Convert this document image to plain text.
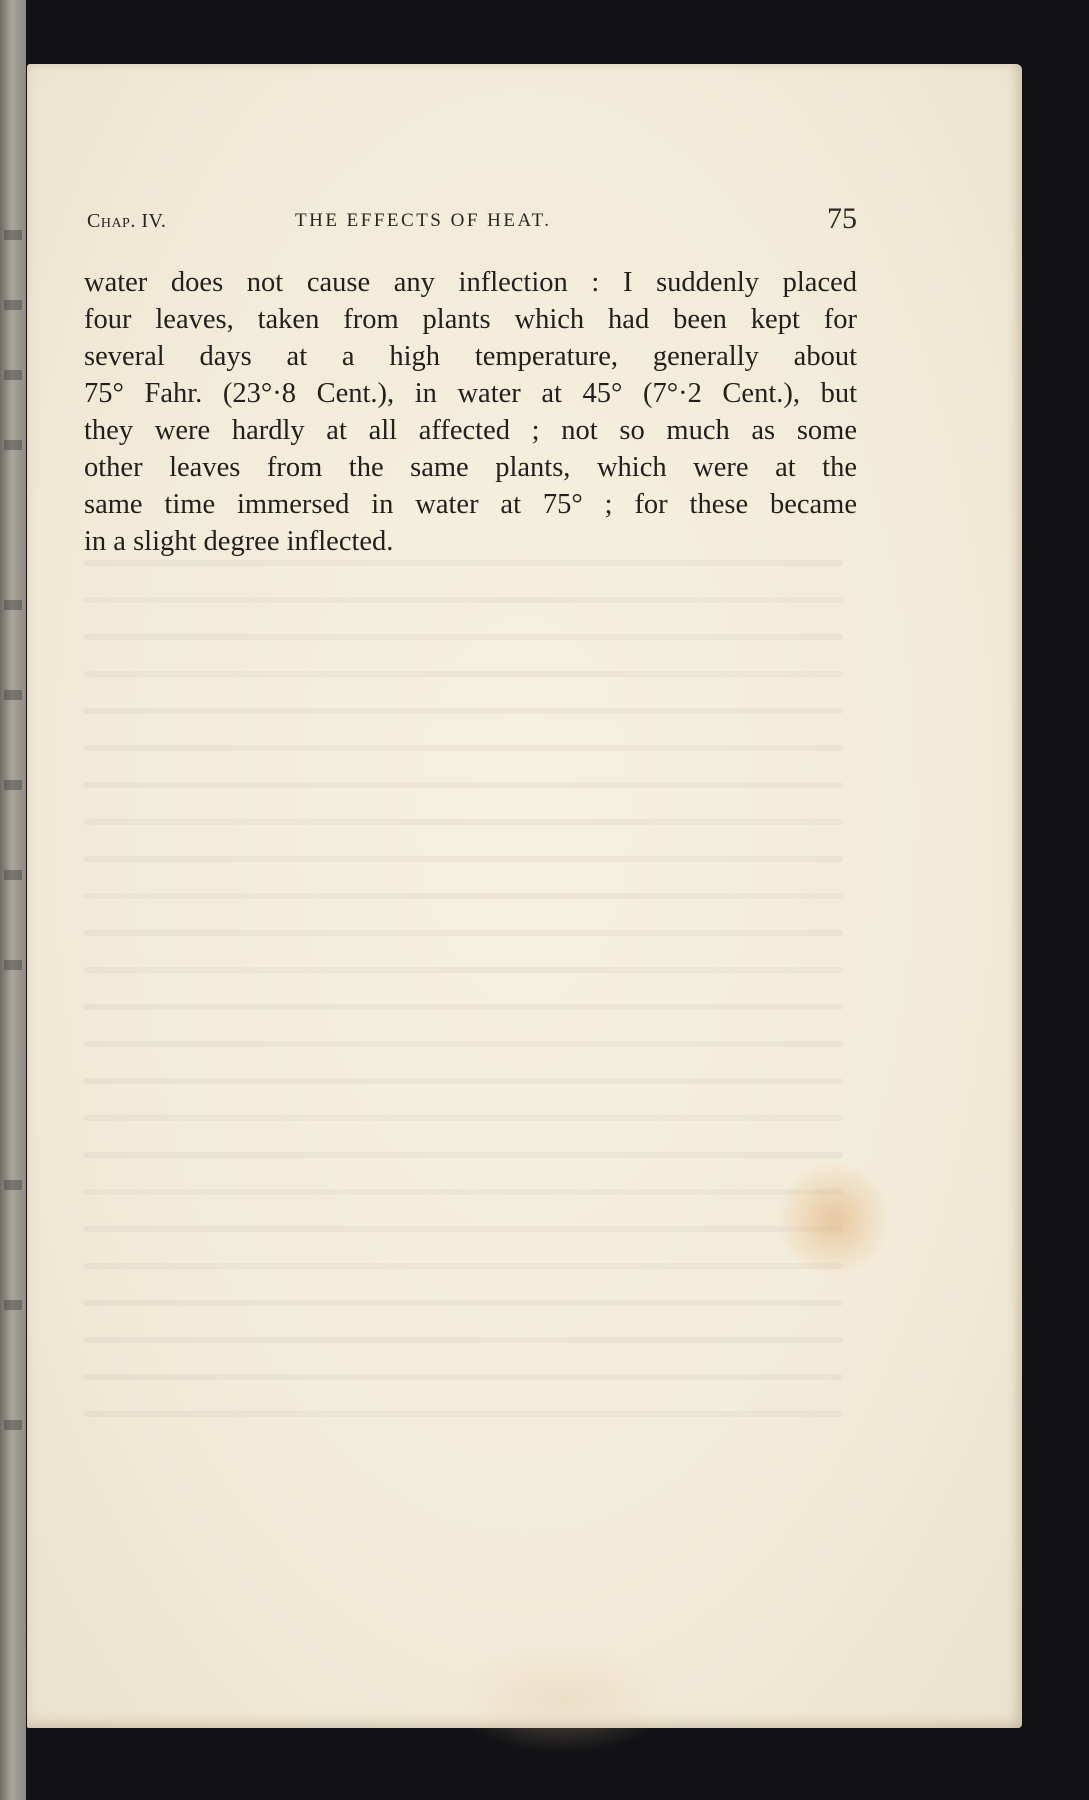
Chap. IV.	THE EFFECTS OF HEAT.	75
water does not cause any inflection : I suddenly placed
four leaves, taken from plants which had been kept for
several days at a high temperature, generally about
75° Fahr. (23°·8 Cent.), in water at 45° (7°·2 Cent.), but
they were hardly at all affected ; not so much as some
other leaves from the same plants, which were at the
same time immersed in water at 75° ; for these became
in a slight degree inflected.
